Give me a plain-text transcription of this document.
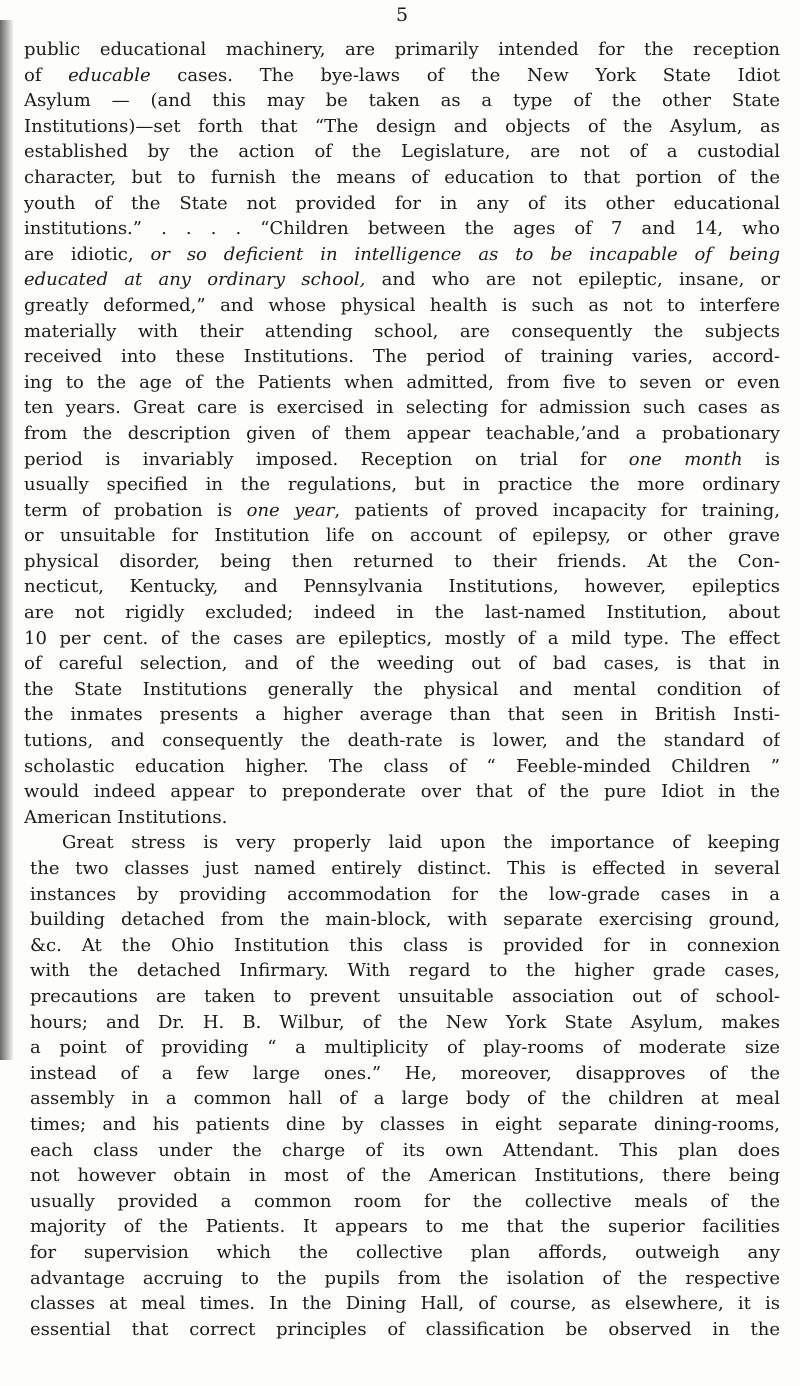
5
public educational machinery, are primarily intended for the reception
of educable cases. The bye-laws of the New York State Idiot
Asylum — (and this may be taken as a type of the other State
Institutions)—set forth that “The design and objects of the Asylum, as
established by the action of the Legislature, are not of a custodial
character, but to furnish the means of education to that portion of the
youth of the State not provided for in any of its other educational
institutions.” . . . . “Children between the ages of 7 and 14, who
are idiotic, or so deficient in intelligence as to be incapable of being
educated at any ordinary school, and who are not epileptic, insane, or
greatly deformed,” and whose physical health is such as not to interfere
materially with their attending school, are consequently the subjects
received into these Institutions. The period of training varies, accord-
ing to the age of the Patients when admitted, from five to seven or even
ten years. Great care is exercised in selecting for admission such cases as
from the description given of them appear teachable,’and a probationary
period is invariably imposed. Reception on trial for one month is
usually specified in the regulations, but in practice the more ordinary
term of probation is one year, patients of proved incapacity for training,
or unsuitable for Institution life on account of epilepsy, or other grave
physical disorder, being then returned to their friends. At the Con-
necticut, Kentucky, and Pennsylvania Institutions, however, epileptics
are not rigidly excluded; indeed in the last-named Institution, about
10 per cent. of the cases are epileptics, mostly of a mild type. The effect
of careful selection, and of the weeding out of bad cases, is that in
the State Institutions generally the physical and mental condition of
the inmates presents a higher average than that seen in British Insti-
tutions, and consequently the death-rate is lower, and the standard of
scholastic education higher. The class of “ Feeble-minded Children ”
would indeed appear to preponderate over that of the pure Idiot in the
American Institutions.
Great stress is very properly laid upon the importance of keeping
the two classes just named entirely distinct. This is effected in several
instances by providing accommodation for the low-grade cases in a
building detached from the main-block, with separate exercising ground,
&c. At the Ohio Institution this class is provided for in connexion
with the detached Infirmary. With regard to the higher grade cases,
precautions are taken to prevent unsuitable association out of school-
hours; and Dr. H. B. Wilbur, of the New York State Asylum, makes
a point of providing “ a multiplicity of play-rooms of moderate size
instead of a few large ones.” He, moreover, disapproves of the
assembly in a common hall of a large body of the children at meal
times; and his patients dine by classes in eight separate dining-rooms,
each class under the charge of its own Attendant. This plan does
not however obtain in most of the American Institutions, there being
usually provided a common room for the collective meals of the
majority of the Patients. It appears to me that the superior facilities
for supervision which the collective plan affords, outweigh any
advantage accruing to the pupils from the isolation of the respective
classes at meal times. In the Dining Hall, of course, as elsewhere, it is
essential that correct principles of classification be observed in the
